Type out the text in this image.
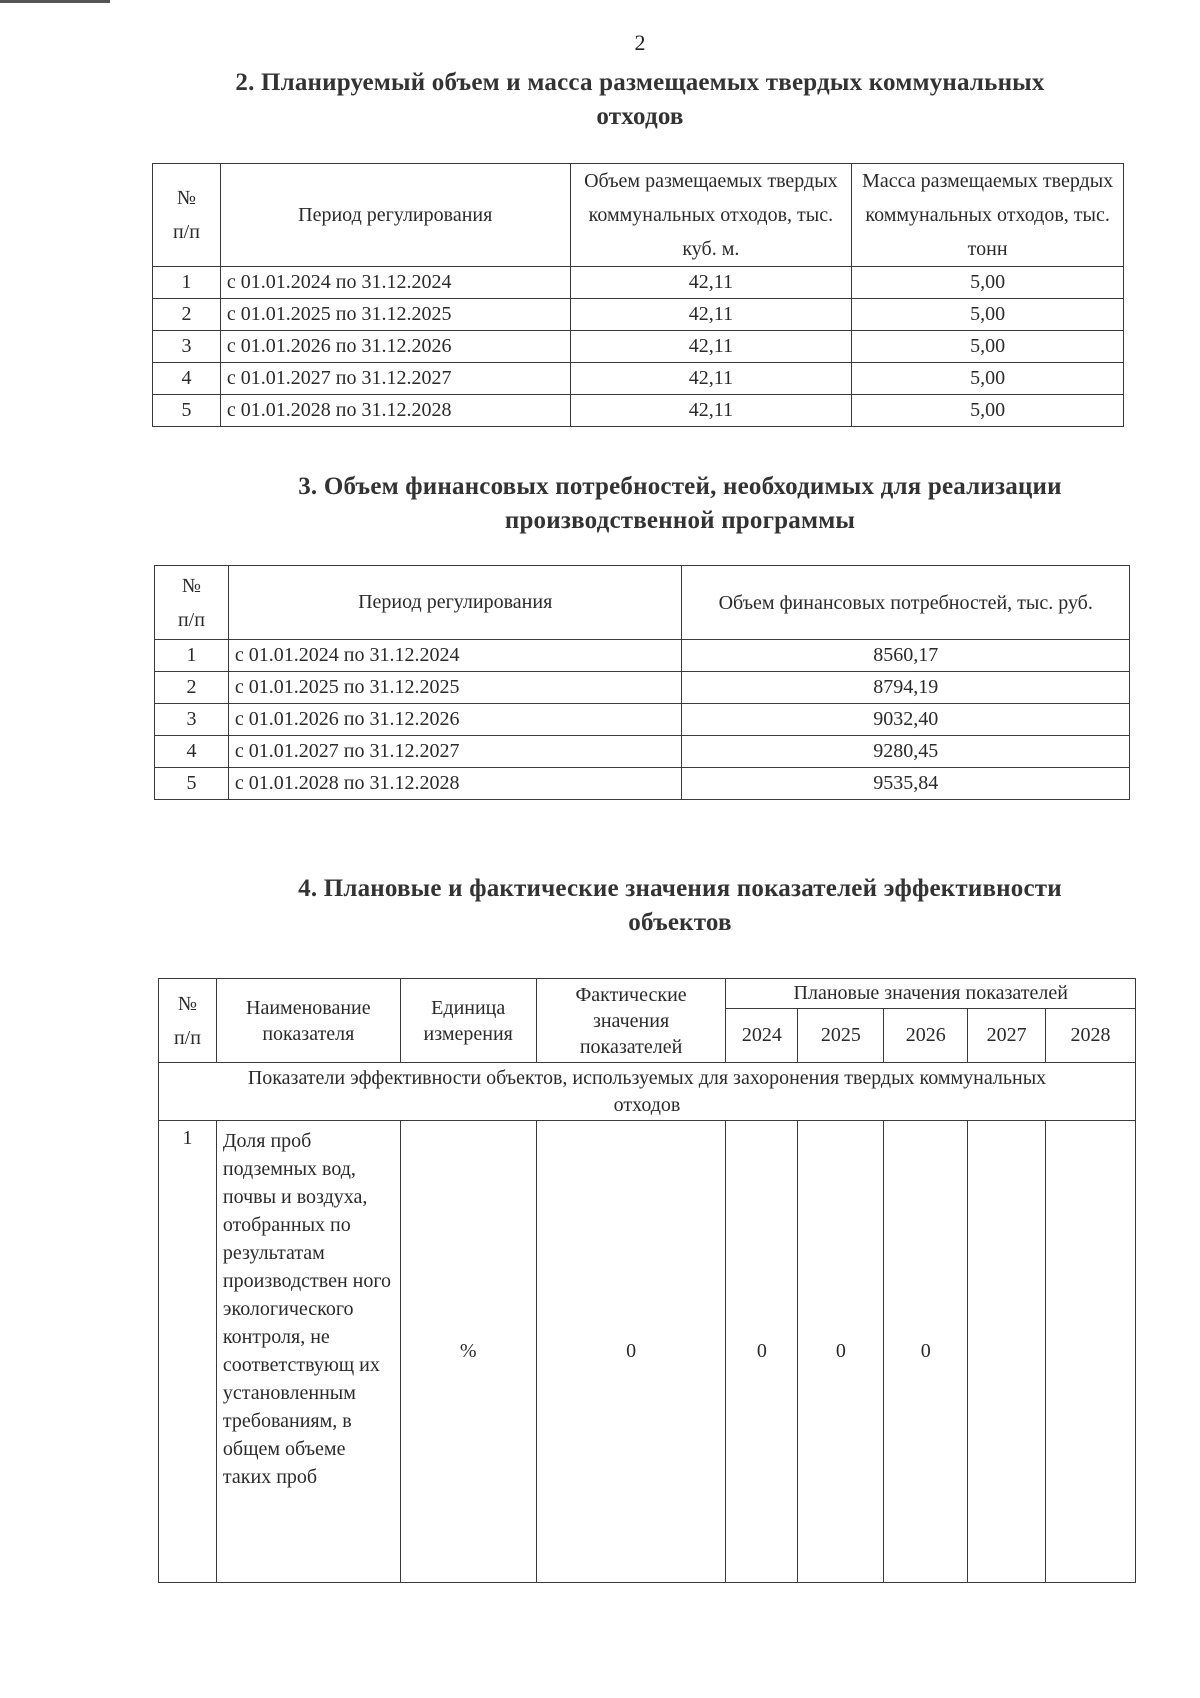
2
2. Планируемый объем и масса размещаемых твердых коммунальных
отходов
№
п/п	Период регулирования	Объем размещаемых твердых коммунальных отходов, тыс. куб. м.	Масса размещаемых твердых коммунальных отходов, тыс. тонн
1	с 01.01.2024 по 31.12.2024	42,11	5,00
2	с 01.01.2025 по 31.12.2025	42,11	5,00
3	с 01.01.2026 по 31.12.2026	42,11	5,00
4	с 01.01.2027 по 31.12.2027	42,11	5,00
5	с 01.01.2028 по 31.12.2028	42,11	5,00
3. Объем финансовых потребностей, необходимых для реализации
производственной программы
№
п/п	Период регулирования	Объем финансовых потребностей, тыс. руб.
1	с 01.01.2024 по 31.12.2024	8560,17
2	с 01.01.2025 по 31.12.2025	8794,19
3	с 01.01.2026 по 31.12.2026	9032,40
4	с 01.01.2027 по 31.12.2027	9280,45
5	с 01.01.2028 по 31.12.2028	9535,84
4. Плановые и фактические значения показателей эффективности
объектов
№
п/п	Наименование показателя	Единица измерения	Фактические значения показателей	Плановые значения показателей				
				2024	2025	2026	2027	2028
Показатели эффективности объектов, используемых для захоронения твердых коммунальных отходов								
1	Доля проб подземных вод, почвы и воздуха, отобранных по результатам производствен ного экологического контроля, не соответствующ их установленным требованиям, в общем объеме таких проб	%	0	0	0	0		
